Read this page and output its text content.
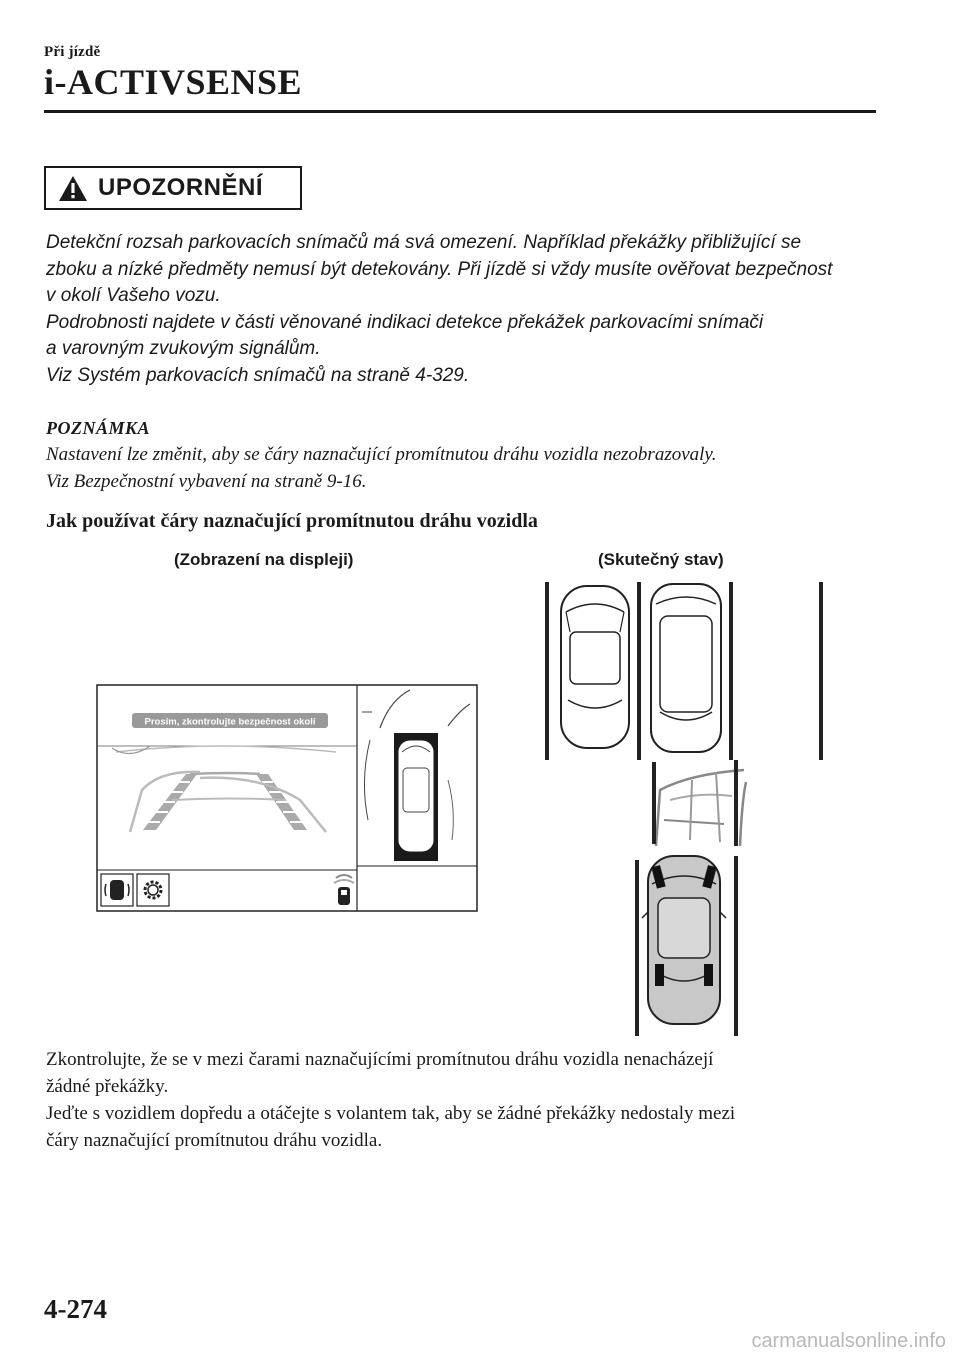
Při jízdě
i-ACTIVSENSE
UPOZORNĚNÍ
Detekční rozsah parkovacích snímačů má svá omezení. Například překážky přibližující se
zboku a nízké předměty nemusí být detekovány. Při jízdě si vždy musíte ověřovat bezpečnost
v okolí Vašeho vozu.
Podrobnosti najdete v části věnované indikaci detekce překážek parkovacími snímači
a varovným zvukovým signálům.
Viz Systém parkovacích snímačů na straně 4-329.
POZNÁMKA
Nastavení lze změnit, aby se čáry naznačující promítnutou dráhu vozidla nezobrazovaly.
Viz Bezpečnostní vybavení na straně 9-16.
Jak používat čáry naznačující promítnutou dráhu vozidla
Prosím, zkontrolujte bezpečnost okolí
(Zobrazení na displeji)	(Skutečný stav)
Zkontrolujte, že se v mezi čarami naznačujícími promítnutou dráhu vozidla nenacházejí
žádné překážky.
Jeďte s vozidlem dopředu a otáčejte s volantem tak, aby se žádné překážky nedostaly mezi
čáry naznačující promítnutou dráhu vozidla.
4-274
carmanualsonline.info
